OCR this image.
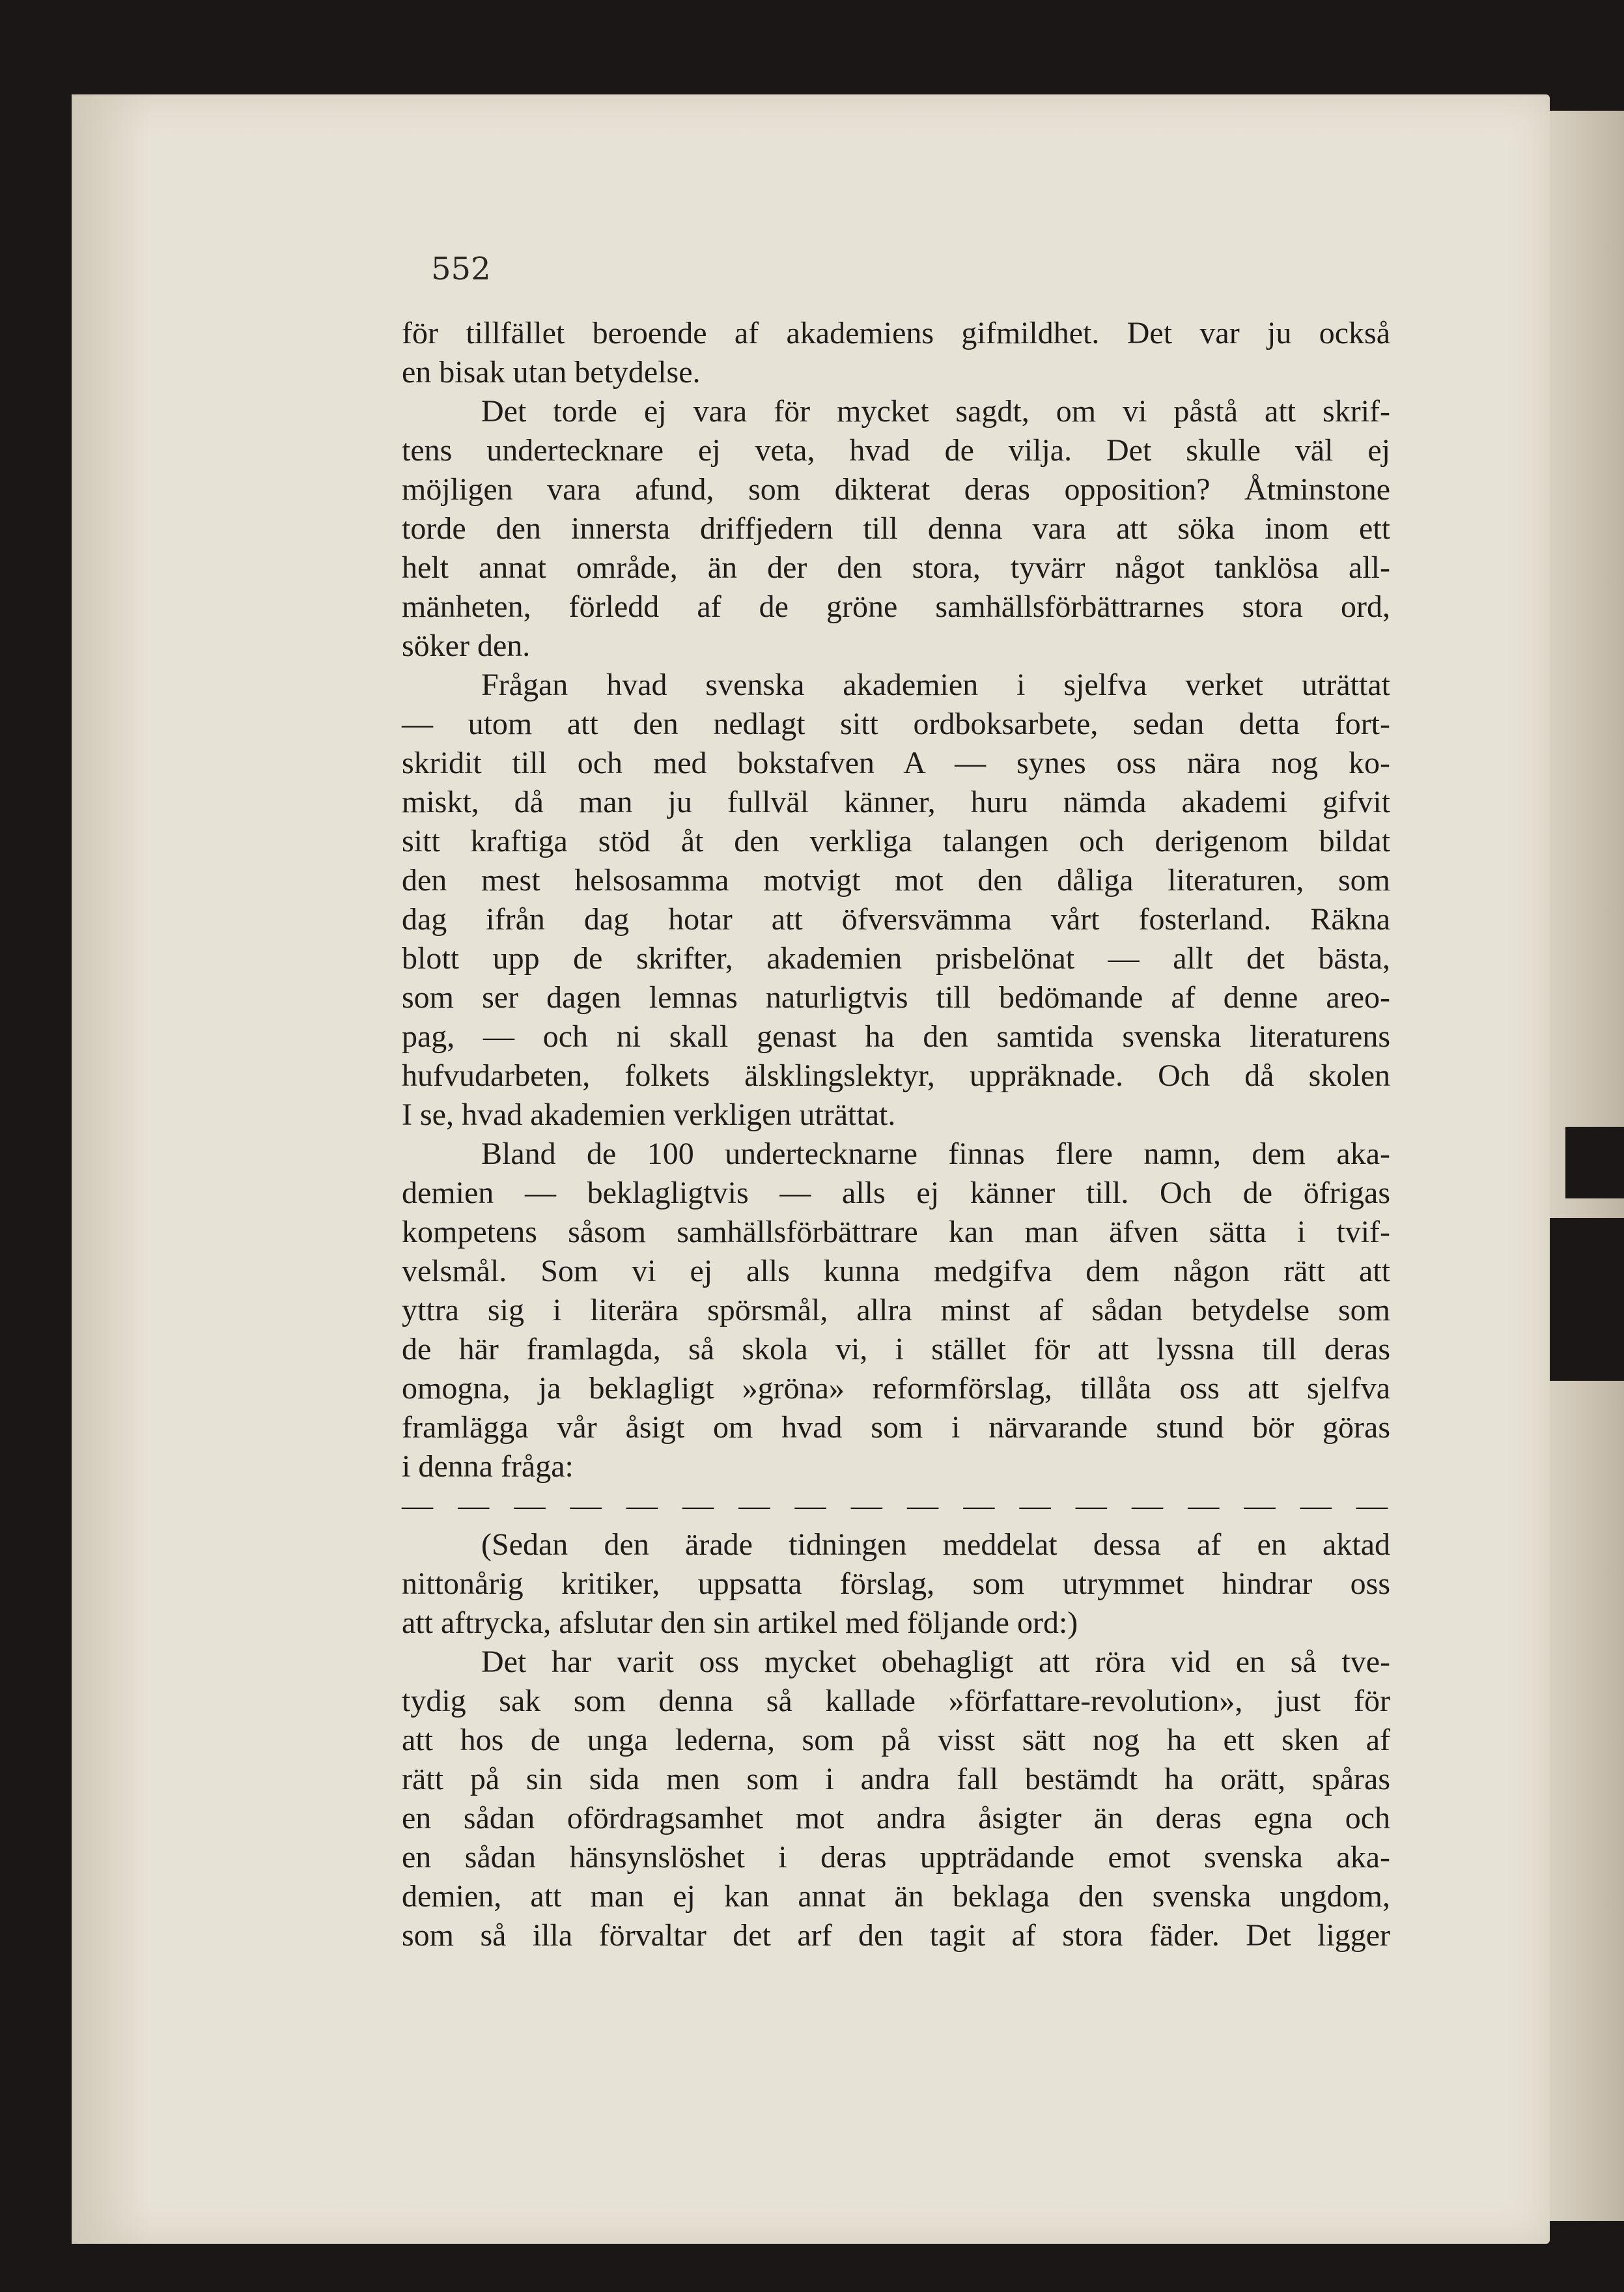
552
för tillfället beroende af akademiens gifmildhet. Det var ju också
en bisak utan betydelse.
Det torde ej vara för mycket sagdt, om vi påstå att skrif-
tens undertecknare ej veta, hvad de vilja. Det skulle väl ej
möjligen vara afund, som dikterat deras opposition? Åtminstone
torde den innersta driffjedern till denna vara att söka inom ett
helt annat område, än der den stora, tyvärr något tanklösa all-
mänheten, förledd af de gröne samhällsförbättrarnes stora ord,
söker den.
Frågan hvad svenska akademien i sjelfva verket uträttat
— utom att den nedlagt sitt ordboksarbete, sedan detta fort-
skridit till och med bokstafven A — synes oss nära nog ko-
miskt, då man ju fullväl känner, huru nämda akademi gifvit
sitt kraftiga stöd åt den verkliga talangen och derigenom bildat
den mest helsosamma motvigt mot den dåliga literaturen, som
dag ifrån dag hotar att öfversvämma vårt fosterland. Räkna
blott upp de skrifter, akademien prisbelönat — allt det bästa,
som ser dagen lemnas naturligtvis till bedömande af denne areo-
pag, — och ni skall genast ha den samtida svenska literaturens
hufvudarbeten, folkets älsklingslektyr, uppräknade. Och då skolen
I se, hvad akademien verkligen uträttat.
Bland de 100 undertecknarne finnas flere namn, dem aka-
demien — beklagligtvis — alls ej känner till. Och de öfrigas
kompetens såsom samhällsförbättrare kan man äfven sätta i tvif-
velsmål. Som vi ej alls kunna medgifva dem någon rätt att
yttra sig i literära spörsmål, allra minst af sådan betydelse som
de här framlagda, så skola vi, i stället för att lyssna till deras
omogna, ja beklagligt »gröna» reformförslag, tillåta oss att sjelfva
framlägga vår åsigt om hvad som i närvarande stund bör göras
i denna fråga:
— — — — — — — — — — — — — — — — — —
(Sedan den ärade tidningen meddelat dessa af en aktad
nittonårig kritiker, uppsatta förslag, som utrymmet hindrar oss
att aftrycka, afslutar den sin artikel med följande ord:)
Det har varit oss mycket obehagligt att röra vid en så tve-
tydig sak som denna så kallade »författare-revolution», just för
att hos de unga lederna, som på visst sätt nog ha ett sken af
rätt på sin sida men som i andra fall bestämdt ha orätt, spåras
en sådan ofördragsamhet mot andra åsigter än deras egna och
en sådan hänsynslöshet i deras uppträdande emot svenska aka-
demien, att man ej kan annat än beklaga den svenska ungdom,
som så illa förvaltar det arf den tagit af stora fäder. Det ligger
